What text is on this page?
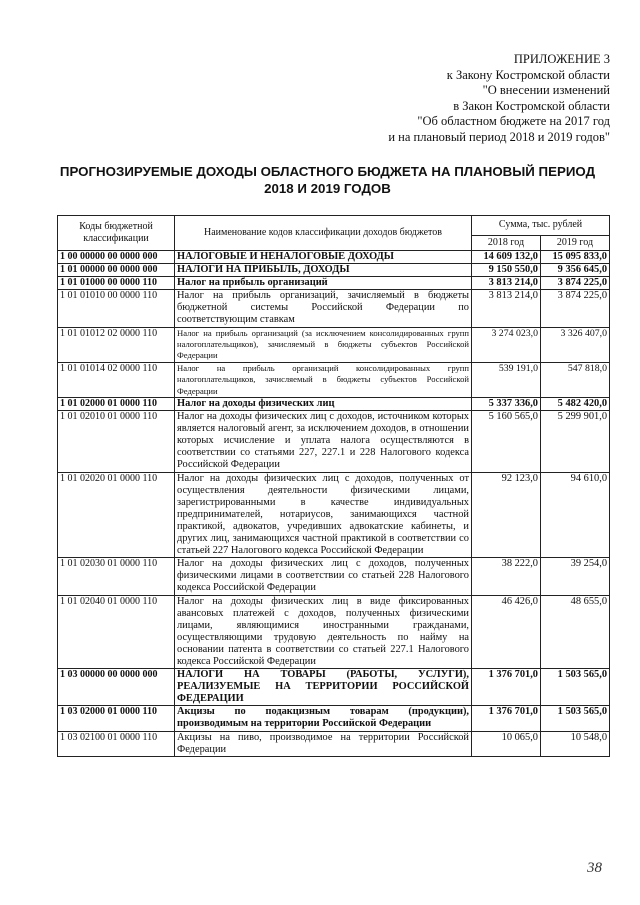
ПРИЛОЖЕНИЕ 3
к Закону Костромской области
"О внесении изменений
в Закон Костромской области
"Об областном бюджете на 2017 год
и на плановый период 2018 и 2019 годов"
ПРОГНОЗИРУЕМЫЕ ДОХОДЫ ОБЛАСТНОГО БЮДЖЕТА НА ПЛАНОВЫЙ ПЕРИОД
2018 И 2019 ГОДОВ
Коды бюджетной классификации	Наименование кодов классификации доходов бюджетов	Сумма, тыс. рублей	
		2018 год	2019 год
1 00 00000 00 0000 000	НАЛОГОВЫЕ И НЕНАЛОГОВЫЕ ДОХОДЫ	14 609 132,0	15 095 833,0
1 01 00000 00 0000 000	НАЛОГИ НА ПРИБЫЛЬ, ДОХОДЫ	9 150 550,0	9 356 645,0
1 01 01000 00 0000 110	Налог на прибыль организаций	3 813 214,0	3 874 225,0
1 01 01010 00 0000 110	Налог на прибыль организаций, зачисляемый в бюджеты бюджетной системы Российской Федерации по соответствующим ставкам	3 813 214,0	3 874 225,0
1 01 01012 02 0000 110	Налог на прибыль организаций (за исключением консолидированных групп налогоплательщиков), зачисляемый в бюджеты субъектов Российской Федерации	3 274 023,0	3 326 407,0
1 01 01014 02 0000 110	Налог на прибыль организаций консолидированных групп налогоплательщиков, зачисляемый в бюджеты субъектов Российской Федерации	539 191,0	547 818,0
1 01 02000 01 0000 110	Налог на доходы физических лиц	5 337 336,0	5 482 420,0
1 01 02010 01 0000 110	Налог на доходы физических лиц с доходов, источником которых является налоговый агент, за исключением доходов, в отношении которых исчисление и уплата налога осуществляются в соответствии со статьями 227, 227.1 и 228 Налогового кодекса Российской Федерации	5 160 565,0	5 299 901,0
1 01 02020 01 0000 110	Налог на доходы физических лиц с доходов, полученных от осуществления деятельности физическими лицами, зарегистрированными в качестве индивидуальных предпринимателей, нотариусов, занимающихся частной практикой, адвокатов, учредивших адвокатские кабинеты, и других лиц, занимающихся частной практикой в соответствии со статьей 227 Налогового кодекса Российской Федерации	92 123,0	94 610,0
1 01 02030 01 0000 110	Налог на доходы физических лиц с доходов, полученных физическими лицами в соответствии со статьей 228 Налогового кодекса Российской Федерации	38 222,0	39 254,0
1 01 02040 01 0000 110	Налог на доходы физических лиц в виде фиксированных авансовых платежей с доходов, полученных физическими лицами, являющимися иностранными гражданами, осуществляющими трудовую деятельность по найму на основании патента в соответствии со статьей 227.1 Налогового кодекса Российской Федерации	46 426,0	48 655,0
1 03 00000 00 0000 000	НАЛОГИ НА ТОВАРЫ (РАБОТЫ, УСЛУГИ), РЕАЛИЗУЕМЫЕ НА ТЕРРИТОРИИ РОССИЙСКОЙ ФЕДЕРАЦИИ	1 376 701,0	1 503 565,0
1 03 02000 01 0000 110	Акцизы по подакцизным товарам (продукции), производимым на территории Российской Федерации	1 376 701,0	1 503 565,0
1 03 02100 01 0000 110	Акцизы на пиво, производимое на территории Российской Федерации	10 065,0	10 548,0
38
